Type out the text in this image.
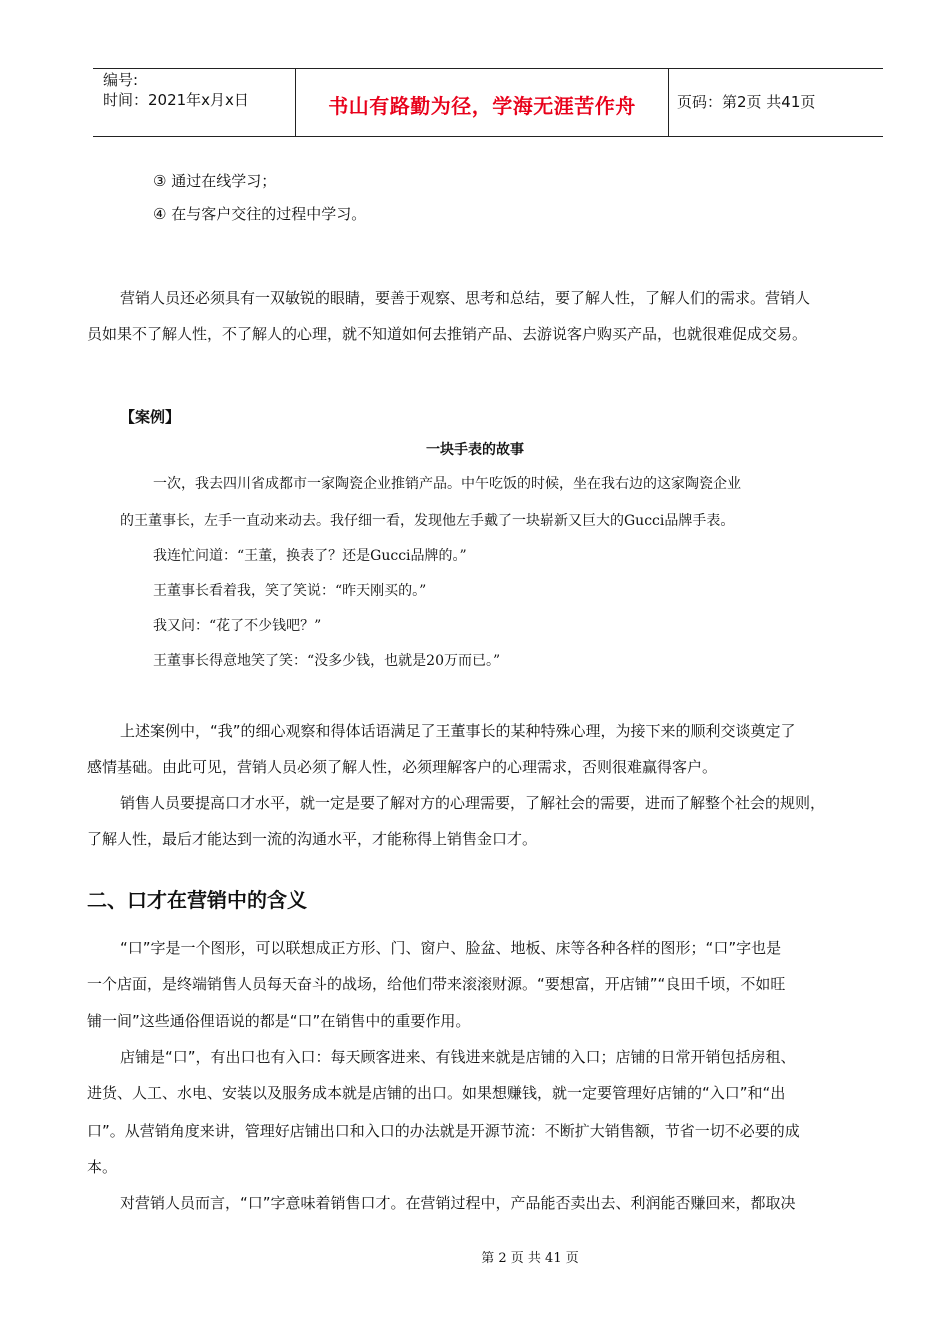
编号:
时间：2021年x月x日	书山有路勤为径，学海无涯苦作舟	页码：第2页 共41页
③ 通过在线学习；
④ 在与客户交往的过程中学习。
营销人员还必须具有一双敏锐的眼睛，要善于观察、思考和总结，要了解人性，了解人们的需求。营销人
员如果不了解人性，不了解人的心理，就不知道如何去推销产品、去游说客户购买产品，也就很难促成交易。
【案例】
一块手表的故事
一次，我去四川省成都市一家陶瓷企业推销产品。中午吃饭的时候，坐在我右边的这家陶瓷企业
的王董事长，左手一直动来动去。我仔细一看，发现他左手戴了一块崭新又巨大的Gucci品牌手表。
我连忙问道：“王董，换表了？还是Gucci品牌的。”
王董事长看着我，笑了笑说：“昨天刚买的。”
我又问：“花了不少钱吧？”
王董事长得意地笑了笑：“没多少钱，也就是20万而已。”
上述案例中，“我”的细心观察和得体话语满足了王董事长的某种特殊心理，为接下来的顺利交谈奠定了
感情基础。由此可见，营销人员必须了解人性，必须理解客户的心理需求，否则很难赢得客户。
销售人员要提高口才水平，就一定是要了解对方的心理需要，了解社会的需要，进而了解整个社会的规则，
了解人性，最后才能达到一流的沟通水平，才能称得上销售金口才。
二、口才在营销中的含义
“口”字是一个图形，可以联想成正方形、门、窗户、脸盆、地板、床等各种各样的图形；“口”字也是
一个店面，是终端销售人员每天奋斗的战场，给他们带来滚滚财源。“要想富，开店铺”“良田千顷，不如旺
铺一间”这些通俗俚语说的都是“口”在销售中的重要作用。
店铺是“口”，有出口也有入口：每天顾客进来、有钱进来就是店铺的入口；店铺的日常开销包括房租、
进货、人工、水电、安装以及服务成本就是店铺的出口。如果想赚钱，就一定要管理好店铺的“入口”和“出
口”。从营销角度来讲，管理好店铺出口和入口的办法就是开源节流：不断扩大销售额，节省一切不必要的成
本。
对营销人员而言，“口”字意味着销售口才。在营销过程中，产品能否卖出去、利润能否赚回来，都取决
第 2 页 共 41 页
